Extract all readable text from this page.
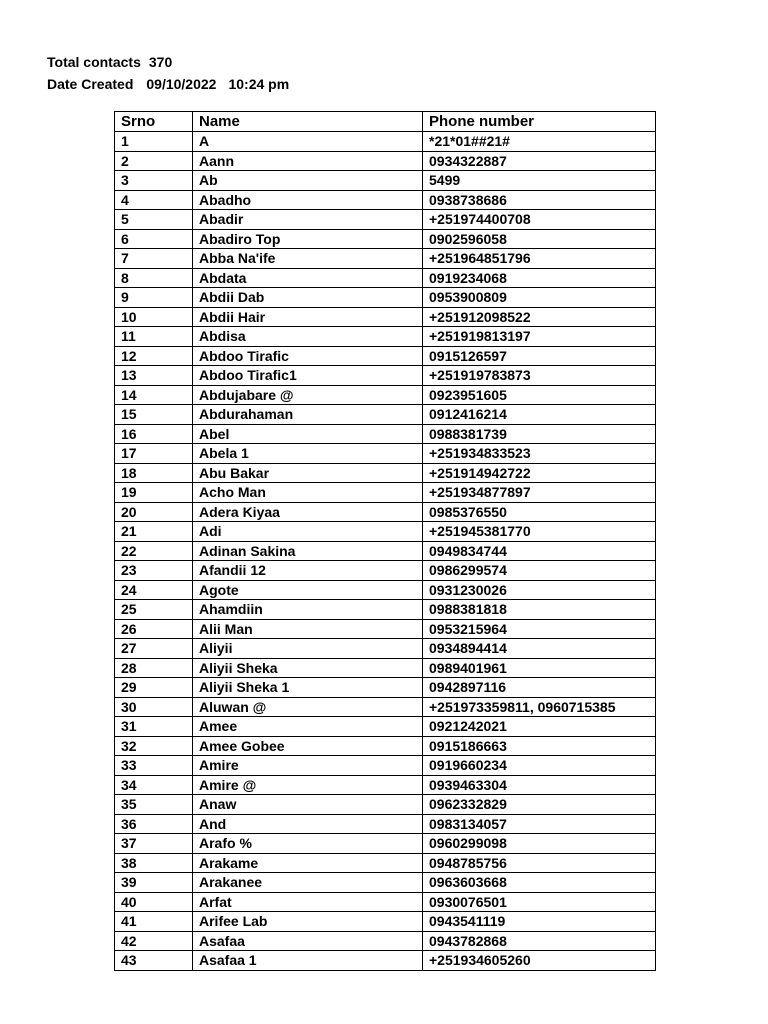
Total contacts 370
Date Created 09/10/2022 10:24 pm
Srno	Name	Phone number
1	A	*21*01##21#
2	Aann	0934322887
3	Ab	5499
4	Abadho	0938738686
5	Abadir	+251974400708
6	Abadiro Top	0902596058
7	Abba Na'ife	+251964851796
8	Abdata	0919234068
9	Abdii Dab	0953900809
10	Abdii Hair	+251912098522
11	Abdisa	+251919813197
12	Abdoo Tirafic	0915126597
13	Abdoo Tirafic1	+251919783873
14	Abdujabare @	0923951605
15	Abdurahaman	0912416214
16	Abel	0988381739
17	Abela 1	+251934833523
18	Abu Bakar	+251914942722
19	Acho Man	+251934877897
20	Adera Kiyaa	0985376550
21	Adi	+251945381770
22	Adinan Sakina	0949834744
23	Afandii 12	0986299574
24	Agote	0931230026
25	Ahamdiin	0988381818
26	Alii Man	0953215964
27	Aliyii	0934894414
28	Aliyii Sheka	0989401961
29	Aliyii Sheka 1	0942897116
30	Aluwan @	+251973359811, 0960715385
31	Amee	0921242021
32	Amee Gobee	0915186663
33	Amire	0919660234
34	Amire @	0939463304
35	Anaw	0962332829
36	And	0983134057
37	Arafo %	0960299098
38	Arakame	0948785756
39	Arakanee	0963603668
40	Arfat	0930076501
41	Arifee Lab	0943541119
42	Asafaa	0943782868
43	Asafaa 1	+251934605260
